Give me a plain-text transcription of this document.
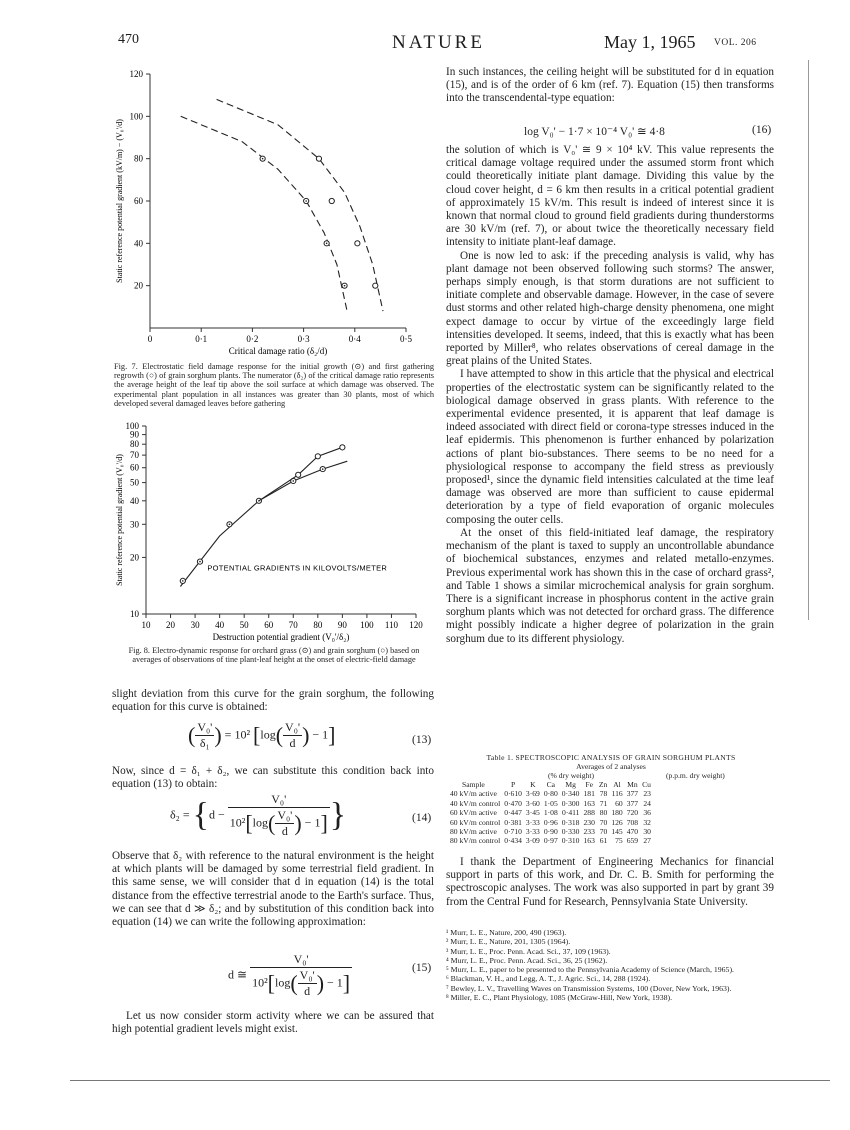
470	NATURE	May 1, 1965 VOL. 206
0	0·1	0·2	0·3	0·4	0·5
20
40
60
80
100
120
Critical damage ratio (δ₂/d)
Static reference potential gradient (kV/m) − (V₀'/d)
Fig. 7. Electrostatic field damage response for the initial growth (⊙) and first gathering regrowth (○) of grain sorghum plants. The numerator (δ₂) of the critical damage ratio represents the average height of the leaf tip above the soil surface at which damage was observed. The experimental plant population in all instances was greater than 30 plants, most of which developed several damaged leaves before gathering
10 20 30 40 50 60 70 80 90 100 110 120
10
20
30
40
50
60
70
80
90
100
Destruction potential gradient (V₀'/δ₂)
Static reference potential gradient (V₀'/d)	POTENTIAL GRADIENTS IN KILOVOLTS/METER
Fig. 8. Electro-dynamic response for orchard grass (⊙) and grain sorghum (○) based on averages of observations of tine plant-leaf height at the onset of electric-field damage

slight deviation from this curve for the grain sorghum, the following equation for this curve is obtained:

( $\frac{\text{V₀'}}{\text{δ₁}}$ ) = 10² [$\log( \frac{\text{V₀'}}{d}$ ) − 1]	(13)

Now, since d = δ₁ + δ₂, we can substitute this condition back into equation (13) to obtain:

$\delta_2 = \{d - \frac{\text{V₀'}}{10^2[\log( \frac{\text{V₀'}}{d} ) - 1]}$ }	(14)

Observe that δ₂ with reference to the natural environment is the height at which plants will be damaged by some terrestrial field gradient. In this same sense, we will consider that d in equation (14) is the total distance from the effective terrestrial anode to the Earth's surface. Thus, we can see that d ≫ δ₂; and by substitution of this condition back into equation (14) we can write the following approximation:

d ≅ $\frac{\text{V₀'}}{10^2[\log( \frac{\text{V₀'}}{d} ) - 1]}$	(15)

Let us now consider storm activity where we can be assured that high potential gradient levels might exist.

In such instances, the ceiling height will be substituted for d in equation (15), and is of the order of 6 km (ref. 7). Equation (15) then transforms into the transcendental-type equation:

log V₀' − 1·7 × 10⁻⁴ V₀' ≅ 4·8	(16)

the solution of which is V₀' ≅ 9 × 10⁴ kV. This value represents the critical damage voltage required under the assumed storm front which could theoretically initiate plant damage. Dividing this value by the cloud cover height, d = 6 km then results in a critical potential gradient of approximately 15 kV/m. This result is indeed of interest since it is known that normal cloud to ground field gradients during thunderstorms are 30 kV/m (ref. 7), or about twice the theoretically necessary field intensity to initiate plant-leaf damage.

One is now led to ask: if the preceding analysis is valid, why has plant damage not been observed following such storms? The answer, perhaps simply enough, is that storm durations are not sufficient to initiate complete and observable damage. However, in the case of severe dust storms and other related high-charge density phenomena, one might expect damage to occur by virtue of the exceedingly large field intensities developed. It seems, indeed, that this is exactly what has been reported by Miller⁸, who relates observations of cereal damage in the great plains of the United States.

I have attempted to show in this article that the physical and electrical properties of the electrostatic system can be significantly related to the biological damage observed in grass plants. With reference to the experimental evidence presented, it is apparent that leaf damage is indeed associated with direct field or corona-type stresses induced in the leaf epidermis. This phenomenon is further enhanced by polarization actions of plant bio-substances. There seems to be no need for a physiological response to accompany the field stress as previously proposed¹, since the dynamic field intensities calculated at the time leaf damage was observed are more than sufficient to cause epidermal deterioration by a type of field evaporation of organic molecules composing the outer cells.

At the onset of this field-initiated leaf damage, the respiratory mechanism of the plant is taxed to supply an uncontrollable abundance of biochemical substances, enzymes and related metallo-enzymes. Previous experimental work has shown this in the case of orchard grass², and Table 1 shows a similar microchemical analysis for grain sorghum. There is a significant increase in phosphorus content in the active grain sorghum plants which was not detected for orchard grass. The difference might possibly indicate a higher degree of polarization in the grain sorghum due to its different physiology.

Table 1. SPECTROSCOPIC ANALYSIS OF GRAIN SORGHUM PLANTS
Averages of 2 analyses
(% dry weight)	(p.p.m. dry weight)
Sample	P	K	Ca	Mg	Fe	Zn	Al	Mn	Cu
40 kV/m active	0·610	3·69	0·80	0·340	181	78	116	377	23
40 kV/m control	0·470	3·60	1·05	0·300	163	71	60	377	24
60 kV/m active	0·447	3·45	1·08	0·411	288	80	180	720	36
60 kV/m control	0·381	3·33	0·96	0·318	230	70	126	708	32
80 kV/m active	0·710	3·33	0·90	0·330	233	70	145	470	30
80 kV/m control	0·434	3·09	0·97	0·310	163	61	75	659	27

I thank the Department of Engineering Mechanics for financial support in parts of this work, and Dr. C. B. Smith for performing the spectroscopic analyses. The work was also supported in part by grant 39 from the Central Fund for Research, Pennsylvania State University.

¹ Murr, L. E., Nature, 200, 490 (1963).
² Murr, L. E., Nature, 201, 1305 (1964).
³ Murr, L. E., Proc. Penn. Acad. Sci., 37, 109 (1963).
⁴ Murr, L. E., Proc. Penn. Acad. Sci., 36, 25 (1962).
⁵ Murr, L. E., paper to be presented to the Pennsylvania Academy of Science (March, 1965).
⁶ Blackman, V. H., and Legg, A. T., J. Agric. Sci., 14, 288 (1924).
⁷ Bewley, L. V., Travelling Waves on Transmission Systems, 100 (Dover, New York, 1963).
⁸ Miller, E. C., Plant Physiology, 1085 (McGraw-Hill, New York, 1938).
